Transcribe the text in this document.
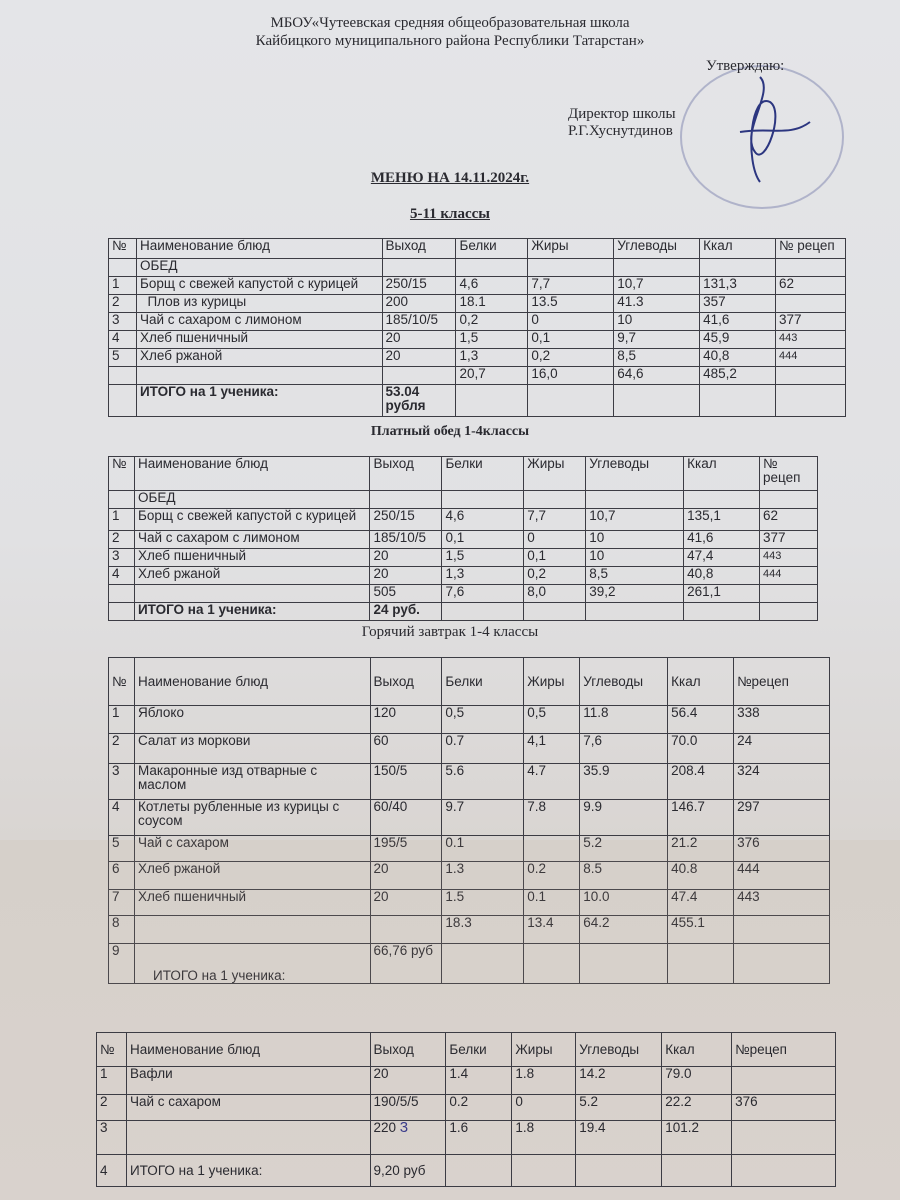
МБОУ«Чутеевская средняя общеобразовательная школа
Кайбицкого муниципального района Республики Татарстан»
Утверждаю:
Директор школы
Р.Г.Хуснутдинов
МЕНЮ НА 14.11.2024г.
5-11 классы
№	Наименование блюд	Выход	Белки	Жиры	Углеводы	Ккал	№ рецеп
	ОБЕД						
1	Борщ с свежей капустой с курицей	250/15	4,6	7,7	10,7	131,3	62
2	Плов из курицы	200	18.1	13.5	41.3	357	
3	Чай с сахаром с лимоном	185/10/5	0,2	0	10	41,6	377
4	Хлеб пшеничный	20	1,5	0,1	9,7	45,9	443
5	Хлеб ржаной	20	1,3	0,2	8,5	40,8	444
			20,7	16,0	64,6	485,2	
	ИТОГО на 1 ученика:	53.04 рубля					
Платный обед 1-4классы
№	Наименование блюд	Выход	Белки	Жиры	Углеводы	Ккал	№ рецеп
	ОБЕД						
1	Борщ с свежей капустой с курицей	250/15	4,6	7,7	10,7	135,1	62
2	Чай с сахаром с лимоном	185/10/5	0,1	0	10	41,6	377
3	Хлеб пшеничный	20	1,5	0,1	10	47,4	443
4	Хлеб ржаной	20	1,3	0,2	8,5	40,8	444
		505	7,6	8,0	39,2	261,1	
	ИТОГО на 1 ученика:	24 руб.					
Горячий завтрак 1-4 классы
№	Наименование блюд	Выход	Белки	Жиры	Углеводы	Ккал	№рецеп
1	Яблоко	120	0,5	0,5	11.8	56.4	338
2	Салат из моркови	60	0.7	4,1	7,6	70.0	24
3	Макаронные изд отварные с маслом	150/5	5.6	4.7	35.9	208.4	324
4	Котлеты рубленные из курицы с соусом	60/40	9.7	7.8	9.9	146.7	297
5	Чай с сахаром	195/5	0.1		5.2	21.2	376
6	Хлеб ржаной	20	1.3	0.2	8.5	40.8	444
7	Хлеб пшеничный	20	1.5	0.1	10.0	47.4	443
8			18.3	13.4	64.2	455.1	
9	ИТОГО на 1 ученика:	66,76 руб					
№	Наименование блюд	Выход	Белки	Жиры	Углеводы	Ккал	№рецеп
1	Вафли	20	1.4	1.8	14.2	79.0	
2	Чай с сахаром	190/5/5	0.2	0	5.2	22.2	376
3		220 3	1.6	1.8	19.4	101.2	
4	ИТОГО на 1 ученика:	9,20 руб					
